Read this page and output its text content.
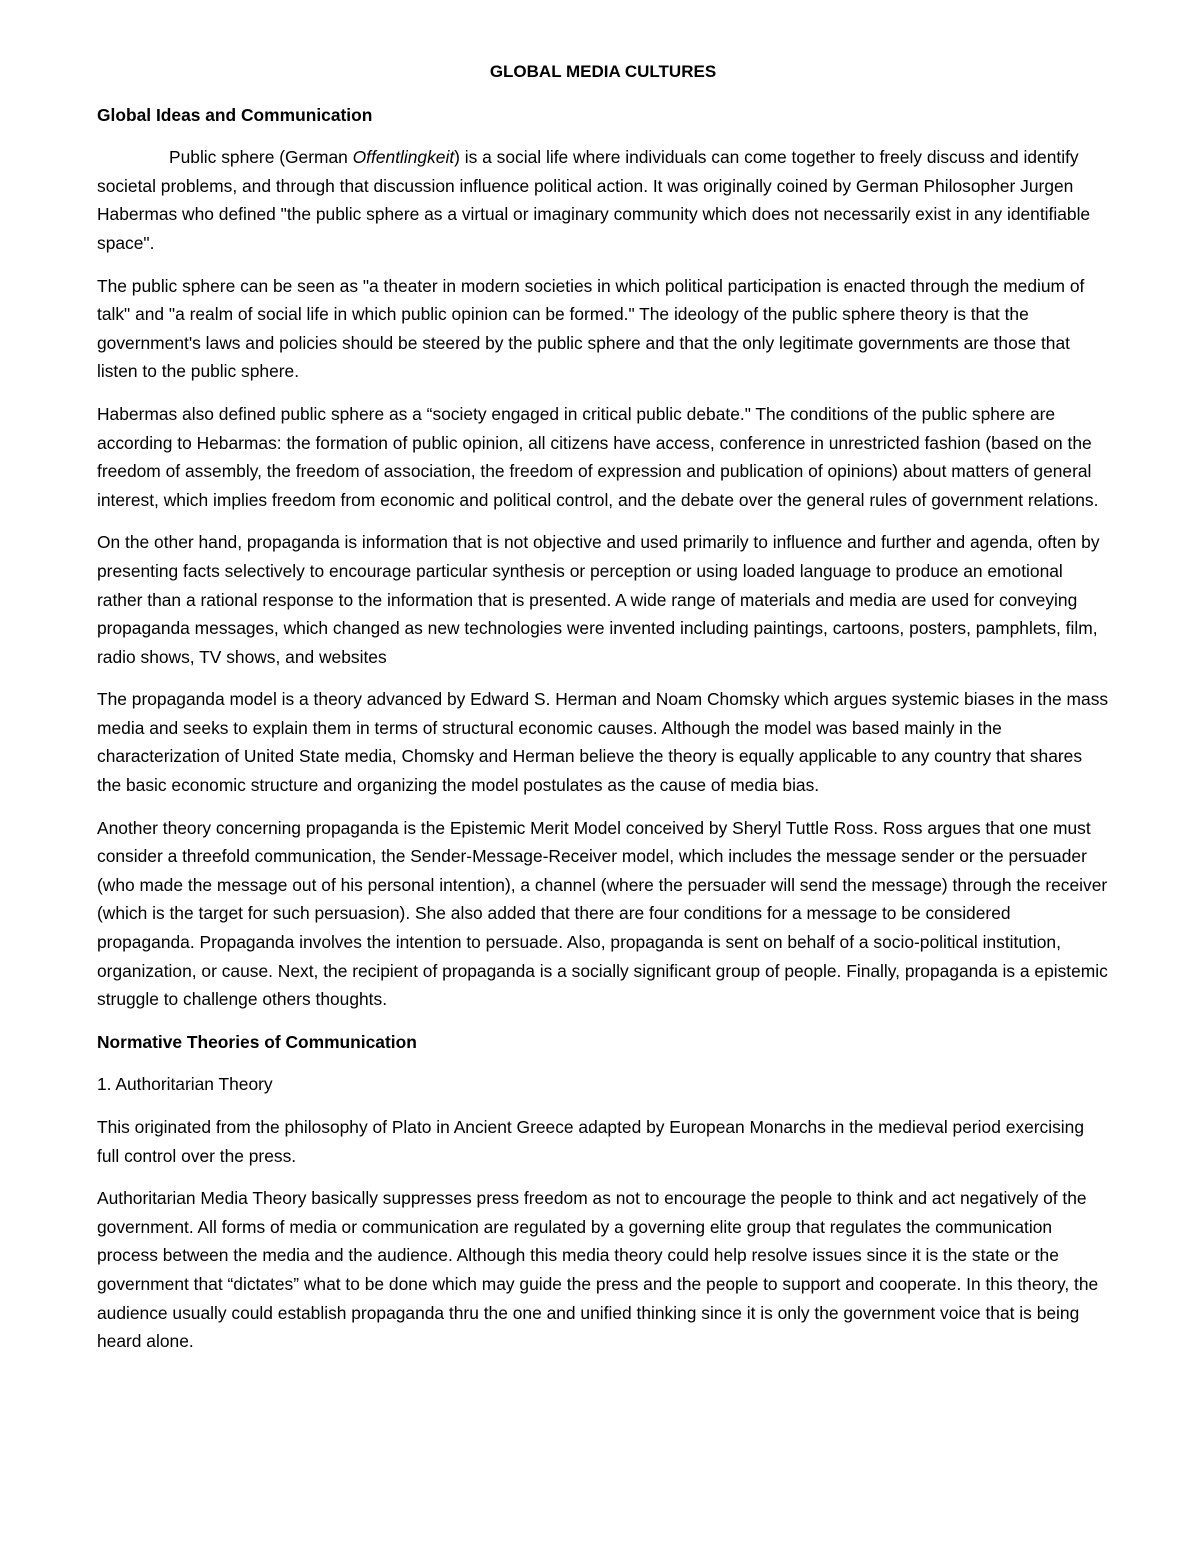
GLOBAL MEDIA CULTURES
Global Ideas and Communication

Public sphere (German Offentlingkeit) is a social life where individuals can come together to freely discuss and identify societal problems, and through that discussion influence political action. It was originally coined by German Philosopher Jurgen Habermas who defined "the public sphere as a virtual or imaginary community which does not necessarily exist in any identifiable space".

The public sphere can be seen as "a theater in modern societies in which political participation is enacted through the medium of talk" and "a realm of social life in which public opinion can be formed." The ideology of the public sphere theory is that the government's laws and policies should be steered by the public sphere and that the only legitimate governments are those that listen to the public sphere.

Habermas also defined public sphere as a “society engaged in critical public debate." The conditions of the public sphere are according to Hebarmas: the formation of public opinion, all citizens have access, conference in unrestricted fashion (based on the freedom of assembly, the freedom of association, the freedom of expression and publication of opinions) about matters of general interest, which implies freedom from economic and political control, and the debate over the general rules of government relations.

On the other hand, propaganda is information that is not objective and used primarily to influence and further and agenda, often by presenting facts selectively to encourage particular synthesis or perception or using loaded language to produce an emotional rather than a rational response to the information that is presented. A wide range of materials and media are used for conveying propaganda messages, which changed as new technologies were invented including paintings, cartoons, posters, pamphlets, film, radio shows, TV shows, and websites

The propaganda model is a theory advanced by Edward S. Herman and Noam Chomsky which argues systemic biases in the mass media and seeks to explain them in terms of structural economic causes. Although the model was based mainly in the characterization of United State media, Chomsky and Herman believe the theory is equally applicable to any country that shares the basic economic structure and organizing the model postulates as the cause of media bias.

Another theory concerning propaganda is the Epistemic Merit Model conceived by Sheryl Tuttle Ross. Ross argues that one must consider a threefold communication, the Sender-Message-Receiver model, which includes the message sender or the persuader (who made the message out of his personal intention), a channel (where the persuader will send the message) through the receiver (which is the target for such persuasion). She also added that there are four conditions for a message to be considered propaganda. Propaganda involves the intention to persuade. Also, propaganda is sent on behalf of a socio-political institution, organization, or cause. Next, the recipient of propaganda is a socially significant group of people. Finally, propaganda is a epistemic struggle to challenge others thoughts.

Normative Theories of Communication

1. Authoritarian Theory

This originated from the philosophy of Plato in Ancient Greece adapted by European Monarchs in the medieval period exercising full control over the press.

Authoritarian Media Theory basically suppresses press freedom as not to encourage the people to think and act negatively of the government. All forms of media or communication are regulated by a governing elite group that regulates the communication process between the media and the audience. Although this media theory could help resolve issues since it is the state or the government that “dictates” what to be done which may guide the press and the people to support and cooperate. In this theory, the audience usually could establish propaganda thru the one and unified thinking since it is only the government voice that is being heard alone.
